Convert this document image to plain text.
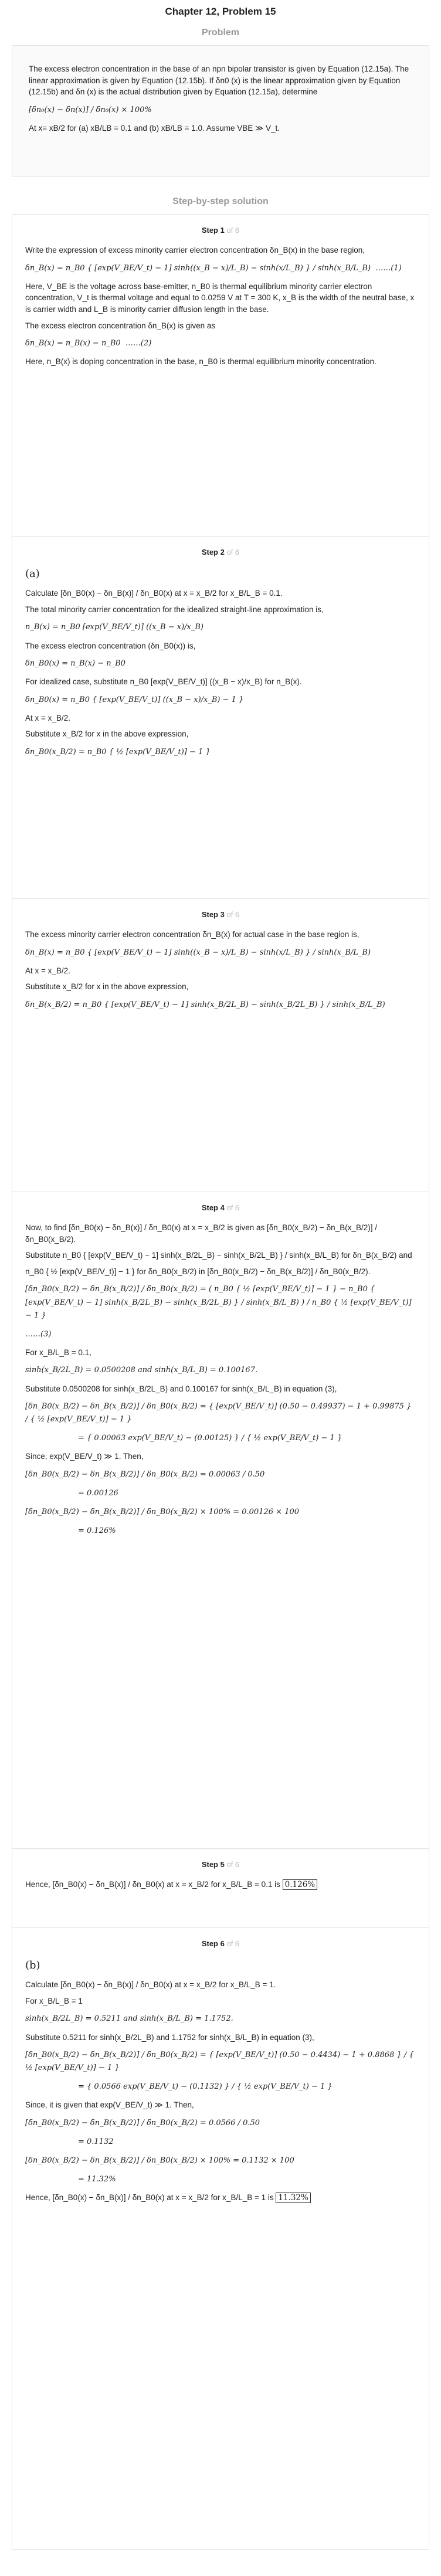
Chapter 12, Problem 15
Problem

The excess electron concentration in the base of an npn bipolar transistor is given by Equation (12.15a). The linear approximation is given by Equation (12.15b). If δn0 (x) is the linear approximation given by Equation (12.15b) and δn (x) is the actual distribution given by Equation (12.15a), determine

[δn₀(x) − δn(x)] / δn₀(x) × 100%

At x= xB/2 for (a) xB/LB = 0.1 and (b) xB/LB = 1.0. Assume VBE ≫ V_t.

Step-by-step solution
Step 1 of 6

Write the expression of excess minority carrier electron concentration δn_B(x) in the base region,

δn_B(x) = n_B0 { [exp(V_BE/V_t) − 1] sinh((x_B − x)/L_B) − sinh(x/L_B) } / sinh(x_B/L_B)  ……(1)

Here, V_BE is the voltage across base-emitter, n_B0 is thermal equilibrium minority carrier electron concentration, V_t is thermal voltage and equal to 0.0259 V at T = 300 K, x_B is the width of the neutral base, x is carrier width and L_B is minority carrier diffusion length in the base.

The excess electron concentration δn_B(x) is given as

δn_B(x) = n_B(x) − n_B0  ……(2)

Here, n_B(x) is doping concentration in the base, n_B0 is thermal equilibrium minority concentration.

Step 2 of 6
(a)

Calculate [δn_B0(x) − δn_B(x)] / δn_B0(x) at x = x_B/2 for x_B/L_B = 0.1.

The total minority carrier concentration for the idealized straight-line approximation is,

n_B(x) = n_B0 [exp(V_BE/V_t)] ((x_B − x)/x_B)

The excess electron concentration (δn_B0(x)) is,

δn_B0(x) = n_B(x) − n_B0

For idealized case, substitute n_B0 [exp(V_BE/V_t)] ((x_B − x)/x_B) for n_B(x).

δn_B0(x) = n_B0 { [exp(V_BE/V_t)] ((x_B − x)/x_B) − 1 }

At x = x_B/2.

Substitute x_B/2 for x in the above expression,

δn_B0(x_B/2) = n_B0 { ½ [exp(V_BE/V_t)] − 1 }
Step 3 of 6

The excess minority carrier electron concentration δn_B(x) for actual case in the base region is,

δn_B(x) = n_B0 { [exp(V_BE/V_t) − 1] sinh((x_B − x)/L_B) − sinh(x/L_B) } / sinh(x_B/L_B)

At x = x_B/2.

Substitute x_B/2 for x in the above expression,

δn_B(x_B/2) = n_B0 { [exp(V_BE/V_t) − 1] sinh(x_B/2L_B) − sinh(x_B/2L_B) } / sinh(x_B/L_B)
Step 4 of 6

Now, to find [δn_B0(x) − δn_B(x)] / δn_B0(x) at x = x_B/2 is given as [δn_B0(x_B/2) − δn_B(x_B/2)] / δn_B0(x_B/2).

Substitute n_B0 { [exp(V_BE/V_t) − 1] sinh(x_B/2L_B) − sinh(x_B/2L_B) } / sinh(x_B/L_B) for δn_B(x_B/2) and

n_B0 { ½ [exp(V_BE/V_t)] − 1 } for δn_B0(x_B/2) in [δn_B0(x_B/2) − δn_B(x_B/2)] / δn_B0(x_B/2).

[δn_B0(x_B/2) − δn_B(x_B/2)] / δn_B0(x_B/2) = ( n_B0 { ½ [exp(V_BE/V_t)] − 1 } − n_B0 { [exp(V_BE/V_t) − 1] sinh(x_B/2L_B) − sinh(x_B/2L_B) } / sinh(x_B/L_B) ) / n_B0 { ½ [exp(V_BE/V_t)] − 1 }
……(3)

For x_B/L_B = 0.1,

sinh(x_B/2L_B) = 0.0500208 and sinh(x_B/L_B) = 0.100167.

Substitute 0.0500208 for sinh(x_B/2L_B) and 0.100167 for sinh(x_B/L_B) in equation (3),

[δn_B0(x_B/2) − δn_B(x_B/2)] / δn_B0(x_B/2) = { [exp(V_BE/V_t)] (0.50 − 0.49937) − 1 + 0.99875 } / { ½ [exp(V_BE/V_t)] − 1 }
= { 0.00063 exp(V_BE/V_t) − (0.00125) } / { ½ exp(V_BE/V_t) − 1 }

Since, exp(V_BE/V_t) ≫ 1. Then,

[δn_B0(x_B/2) − δn_B(x_B/2)] / δn_B0(x_B/2) = 0.00063 / 0.50
= 0.00126
[δn_B0(x_B/2) − δn_B(x_B/2)] / δn_B0(x_B/2) × 100% = 0.00126 × 100
= 0.126%
Step 5 of 6

Hence, [δn_B0(x) − δn_B(x)] / δn_B0(x) at x = x_B/2 for x_B/L_B = 0.1 is 0.126%

Step 6 of 6
(b)

Calculate [δn_B0(x) − δn_B(x)] / δn_B0(x) at x = x_B/2 for x_B/L_B = 1.

For x_B/L_B = 1

sinh(x_B/2L_B) = 0.5211 and sinh(x_B/L_B) = 1.1752.

Substitute 0.5211 for sinh(x_B/2L_B) and 1.1752 for sinh(x_B/L_B) in equation (3),

[δn_B0(x_B/2) − δn_B(x_B/2)] / δn_B0(x_B/2) = { [exp(V_BE/V_t)] (0.50 − 0.4434) − 1 + 0.8868 } / { ½ [exp(V_BE/V_t)] − 1 }
= { 0.0566 exp(V_BE/V_t) − (0.1132) } / { ½ exp(V_BE/V_t) − 1 }

Since, it is given that exp(V_BE/V_t) ≫ 1. Then,

[δn_B0(x_B/2) − δn_B(x_B/2)] / δn_B0(x_B/2) = 0.0566 / 0.50
= 0.1132
[δn_B0(x_B/2) − δn_B(x_B/2)] / δn_B0(x_B/2) × 100% = 0.1132 × 100
= 11.32%

Hence, [δn_B0(x) − δn_B(x)] / δn_B0(x) at x = x_B/2 for x_B/L_B = 1 is 11.32%
